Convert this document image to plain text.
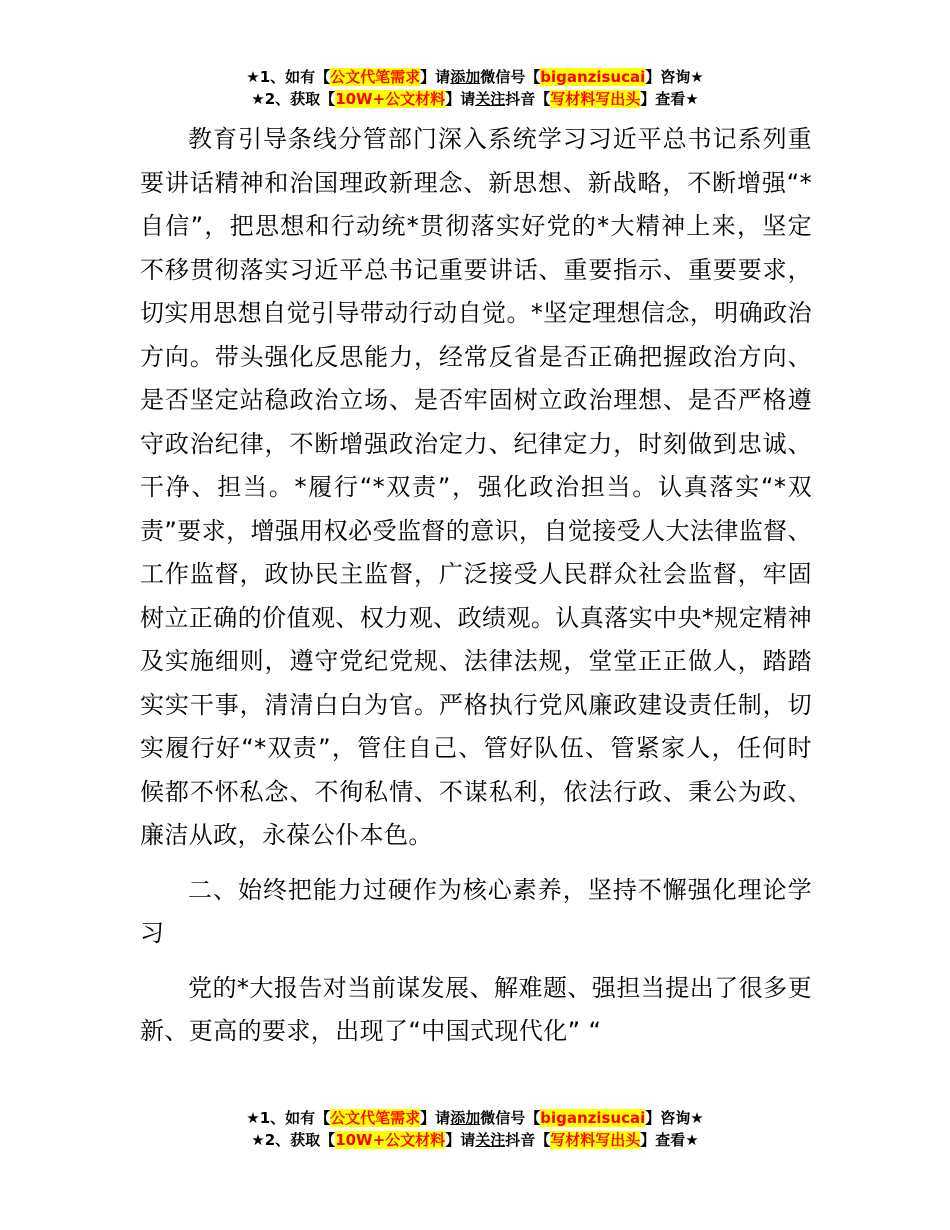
★1、如有【公文代笔需求】请添加微信号【biganzisucai】咨询★
★2、获取【10W+公文材料】请关注抖音【写材料写出头】查看★

教育引导条线分管部门深入系统学习习近平总书记系列重要讲话精神和治国理政新理念、新思想、新战略，不断增强“*自信”，把思想和行动统*贯彻落实好党的*大精神上来，坚定不移贯彻落实习近平总书记重要讲话、重要指示、重要要求，切实用思想自觉引导带动行动自觉。*坚定理想信念，明确政治方向。带头强化反思能力，经常反省是否正确把握政治方向、是否坚定站稳政治立场、是否牢固树立政治理想、是否严格遵守政治纪律，不断增强政治定力、纪律定力，时刻做到忠诚、干净、担当。*履行“*双责”，强化政治担当。认真落实“*双责”要求，增强用权必受监督的意识，自觉接受人大法律监督、工作监督，政协民主监督，广泛接受人民群众社会监督，牢固树立正确的价值观、权力观、政绩观。认真落实中央*规定精神及实施细则，遵守党纪党规、法律法规，堂堂正正做人，踏踏实实干事，清清白白为官。严格执行党风廉政建设责任制，切实履行好“*双责”，管住自己、管好队伍、管紧家人，任何时候都不怀私念、不徇私情、不谋私利，依法行政、秉公为政、廉洁从政，永葆公仆本色。

二、始终把能力过硬作为核心素养，坚持不懈强化理论学习

党的*大报告对当前谋发展、解难题、强担当提出了很多更新、更高的要求，出现了“中国式现代化” “

★1、如有【公文代笔需求】请添加微信号【biganzisucai】咨询★
★2、获取【10W+公文材料】请关注抖音【写材料写出头】查看★
